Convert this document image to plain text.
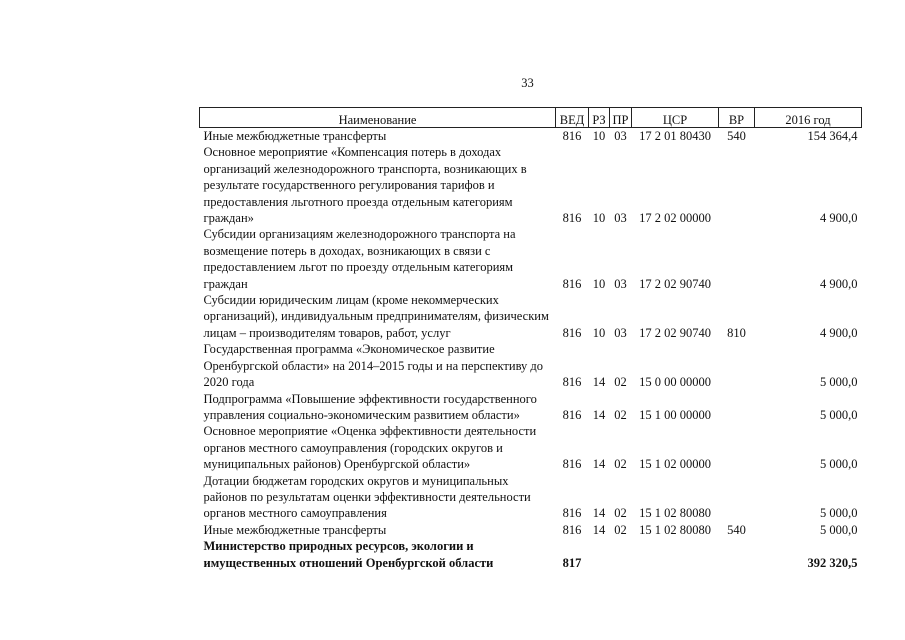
33
Наименование	ВЕД	РЗ	ПР	ЦСР	ВР	2016 год
Иные межбюджетные трансферты	816	10	03	17 2 01 80430	540	154 364,4
Основное мероприятие «Компенсация потерь в доходах организаций железнодорожного транспорта, возникающих в результате государственного регулирования тарифов и предоставления льготного проезда отдельным категориям граждан»	816	10	03	17 2 02 00000		4 900,0
Субсидии организациям железнодорожного транспорта на возмещение потерь в доходах, возникающих в связи с предоставлением льгот по проезду отдельным категориям граждан	816	10	03	17 2 02 90740		4 900,0
Субсидии юридическим лицам (кроме некоммерческих организаций), индивидуальным предпринимателям, физическим лицам – производителям товаров, работ, услуг	816	10	03	17 2 02 90740	810	4 900,0
Государственная программа «Экономическое развитие Оренбургской области» на 2014–2015 годы и на перспективу до 2020 года	816	14	02	15 0 00 00000		5 000,0
Подпрограмма «Повышение эффективности государственного управления социально-экономическим развитием области»	816	14	02	15 1 00 00000		5 000,0
Основное мероприятие «Оценка эффективности деятельности органов местного самоуправления (городских округов и муниципальных районов) Оренбургской области»	816	14	02	15 1 02 00000		5 000,0
Дотации бюджетам городских округов и муниципальных районов по результатам оценки эффективности деятельности органов местного самоуправления	816	14	02	15 1 02 80080		5 000,0
Иные межбюджетные трансферты	816	14	02	15 1 02 80080	540	5 000,0
Министерство природных ресурсов, экологии и имущественных отношений Оренбургской области	817					392 320,5
